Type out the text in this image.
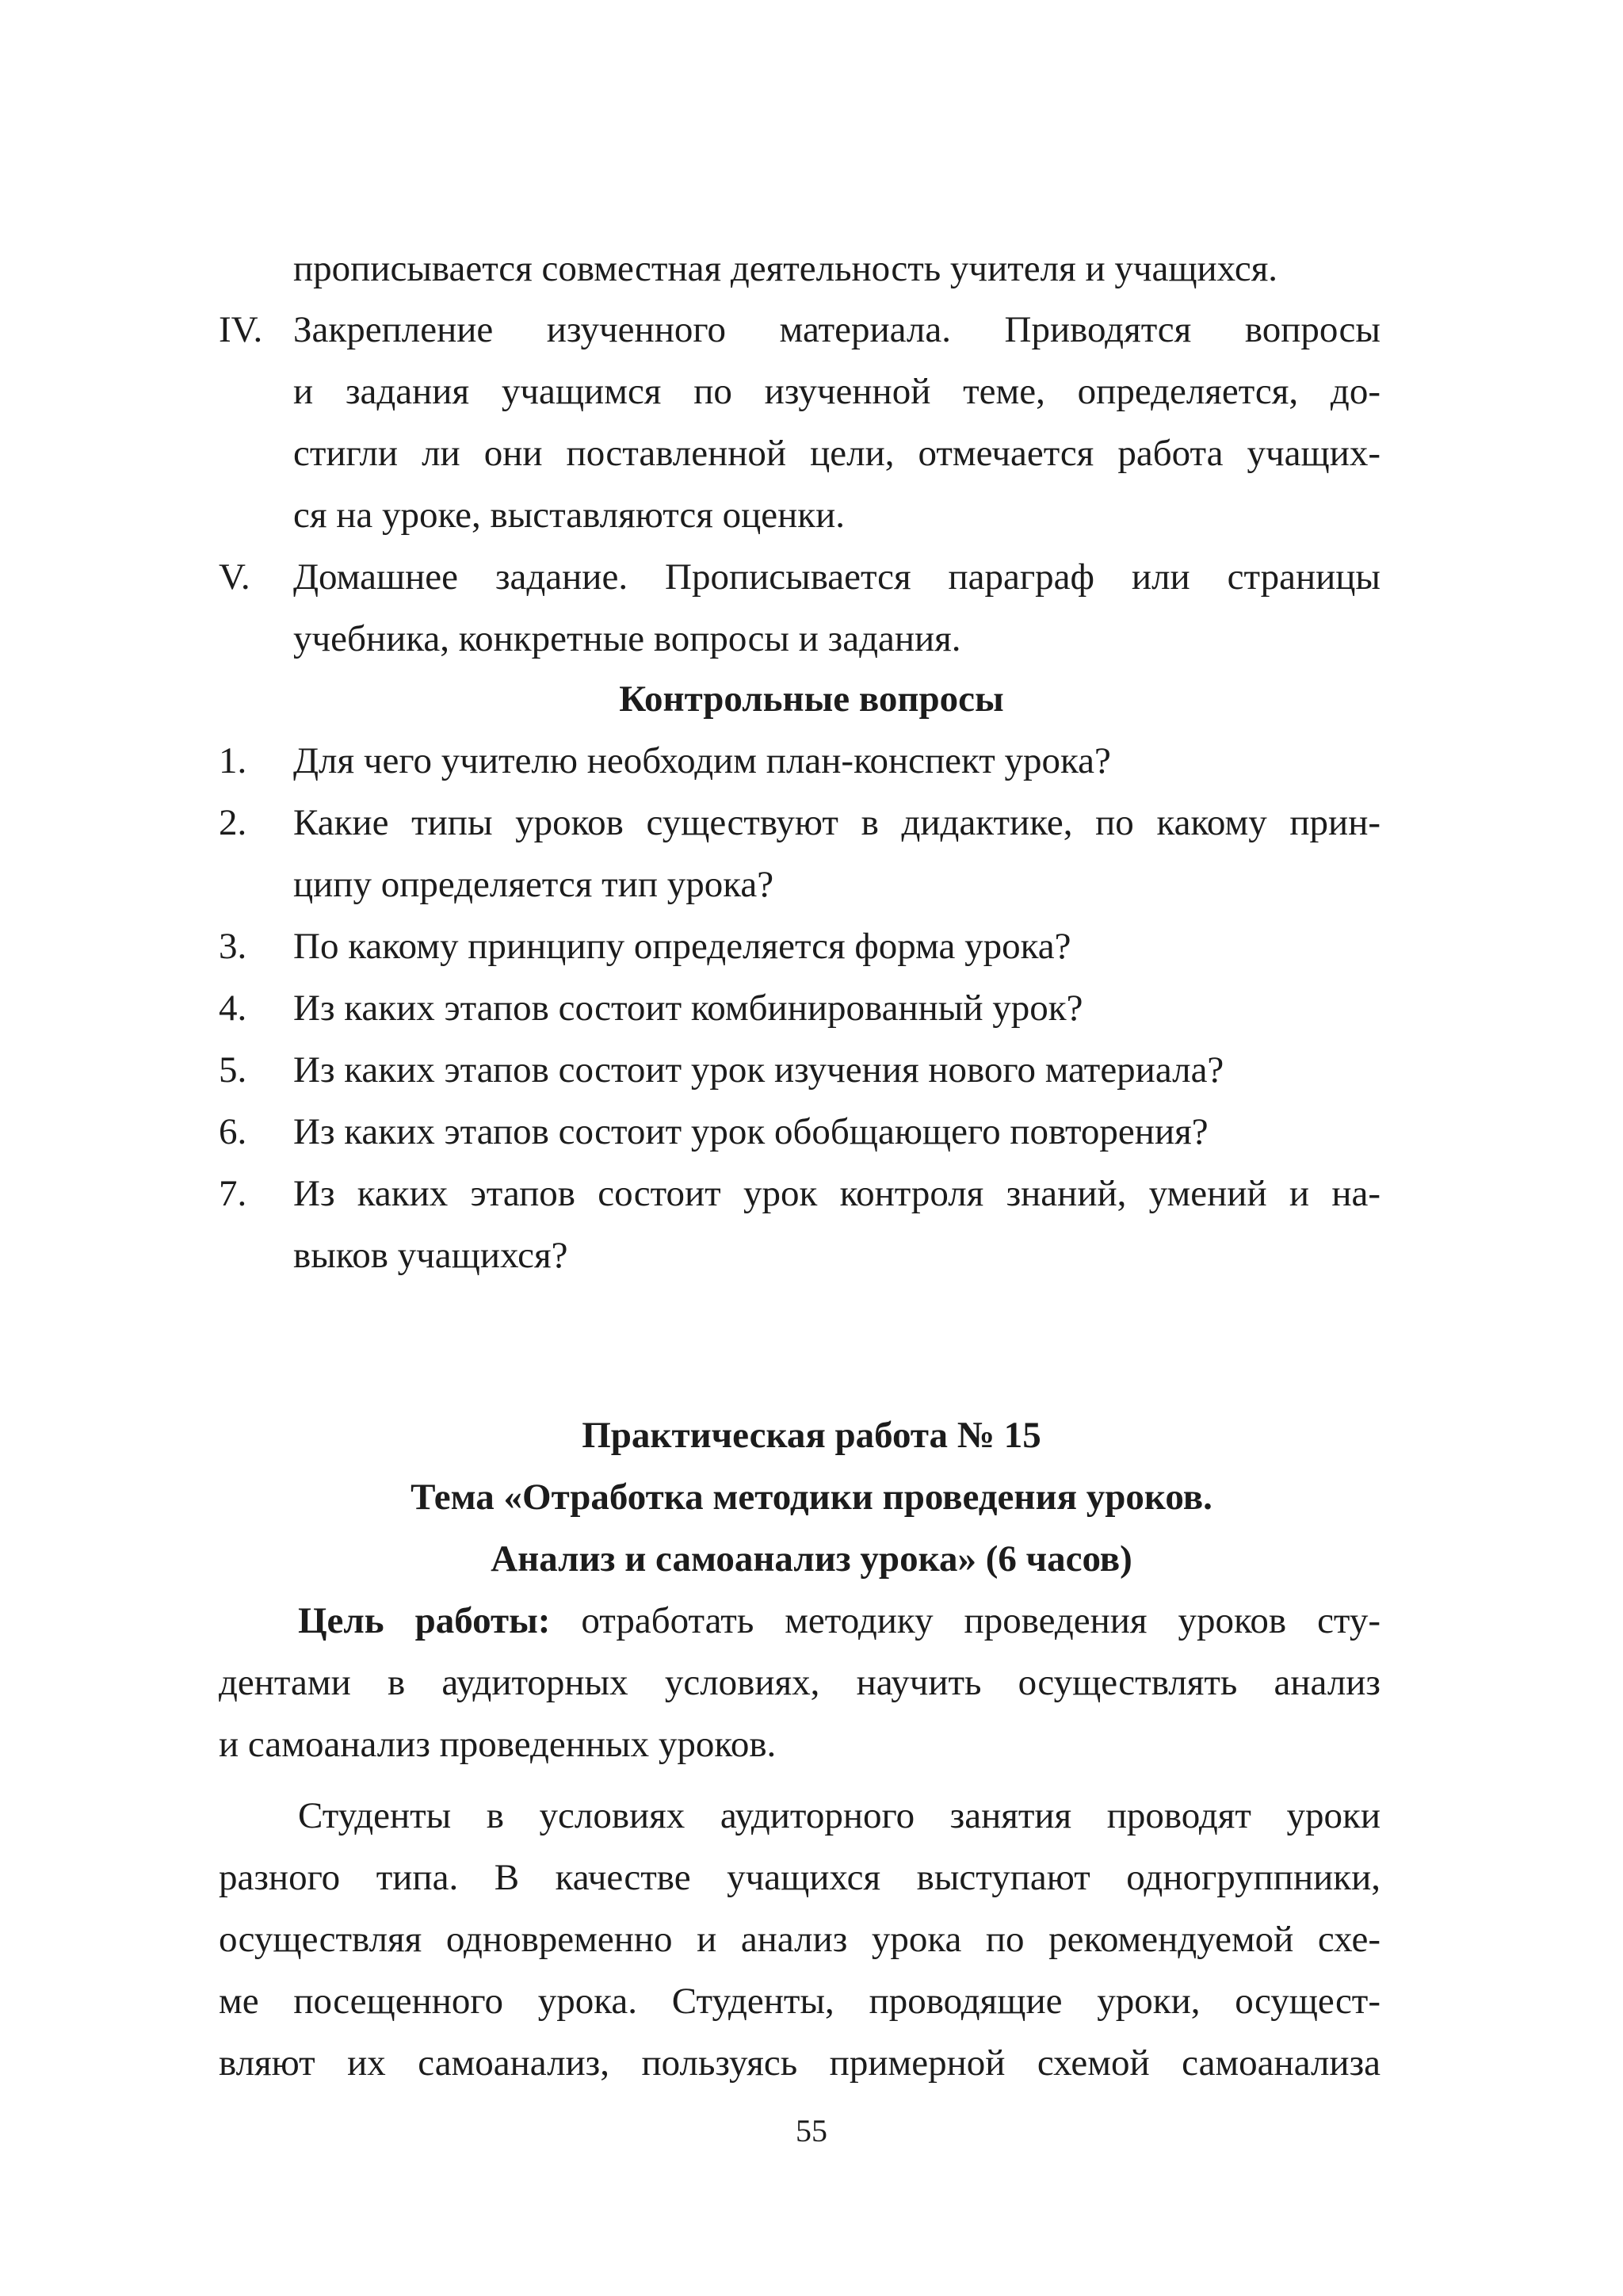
прописывается совместная деятельность учителя и учащихся.
IV. Закрепление изученного материала. Приводятся вопросы
и задания учащимся по изученной теме, определяется, до-
стигли ли они поставленной цели, отмечается работа учащих-
ся на уроке, выставляются оценки.
V. Домашнее задание. Прописывается параграф или страницы
учебника, конкретные вопросы и задания.
Контрольные вопросы
1. Для чего учителю необходим план-конспект урока?
2. Какие типы уроков существуют в дидактике, по какому прин-
ципу определяется тип урока?
3. По какому принципу определяется форма урока?
4. Из каких этапов состоит комбинированный урок?
5. Из каких этапов состоит урок изучения нового материала?
6. Из каких этапов состоит урок обобщающего повторения?
7. Из каких этапов состоит урок контроля знаний, умений и на-
выков учащихся?
Практическая работа № 15
Тема «Отработка методики проведения уроков.
Анализ и самоанализ урока» (6 часов)
Цель работы: отработать методику проведения уроков сту-
дентами в аудиторных условиях, научить осуществлять анализ
и самоанализ проведенных уроков.
Студенты в условиях аудиторного занятия проводят уроки
разного типа. В качестве учащихся выступают одногруппники,
осуществляя одновременно и анализ урока по рекомендуемой схе-
ме посещенного урока. Студенты, проводящие уроки, осущест-
вляют их самоанализ, пользуясь примерной схемой самоанализа
55
